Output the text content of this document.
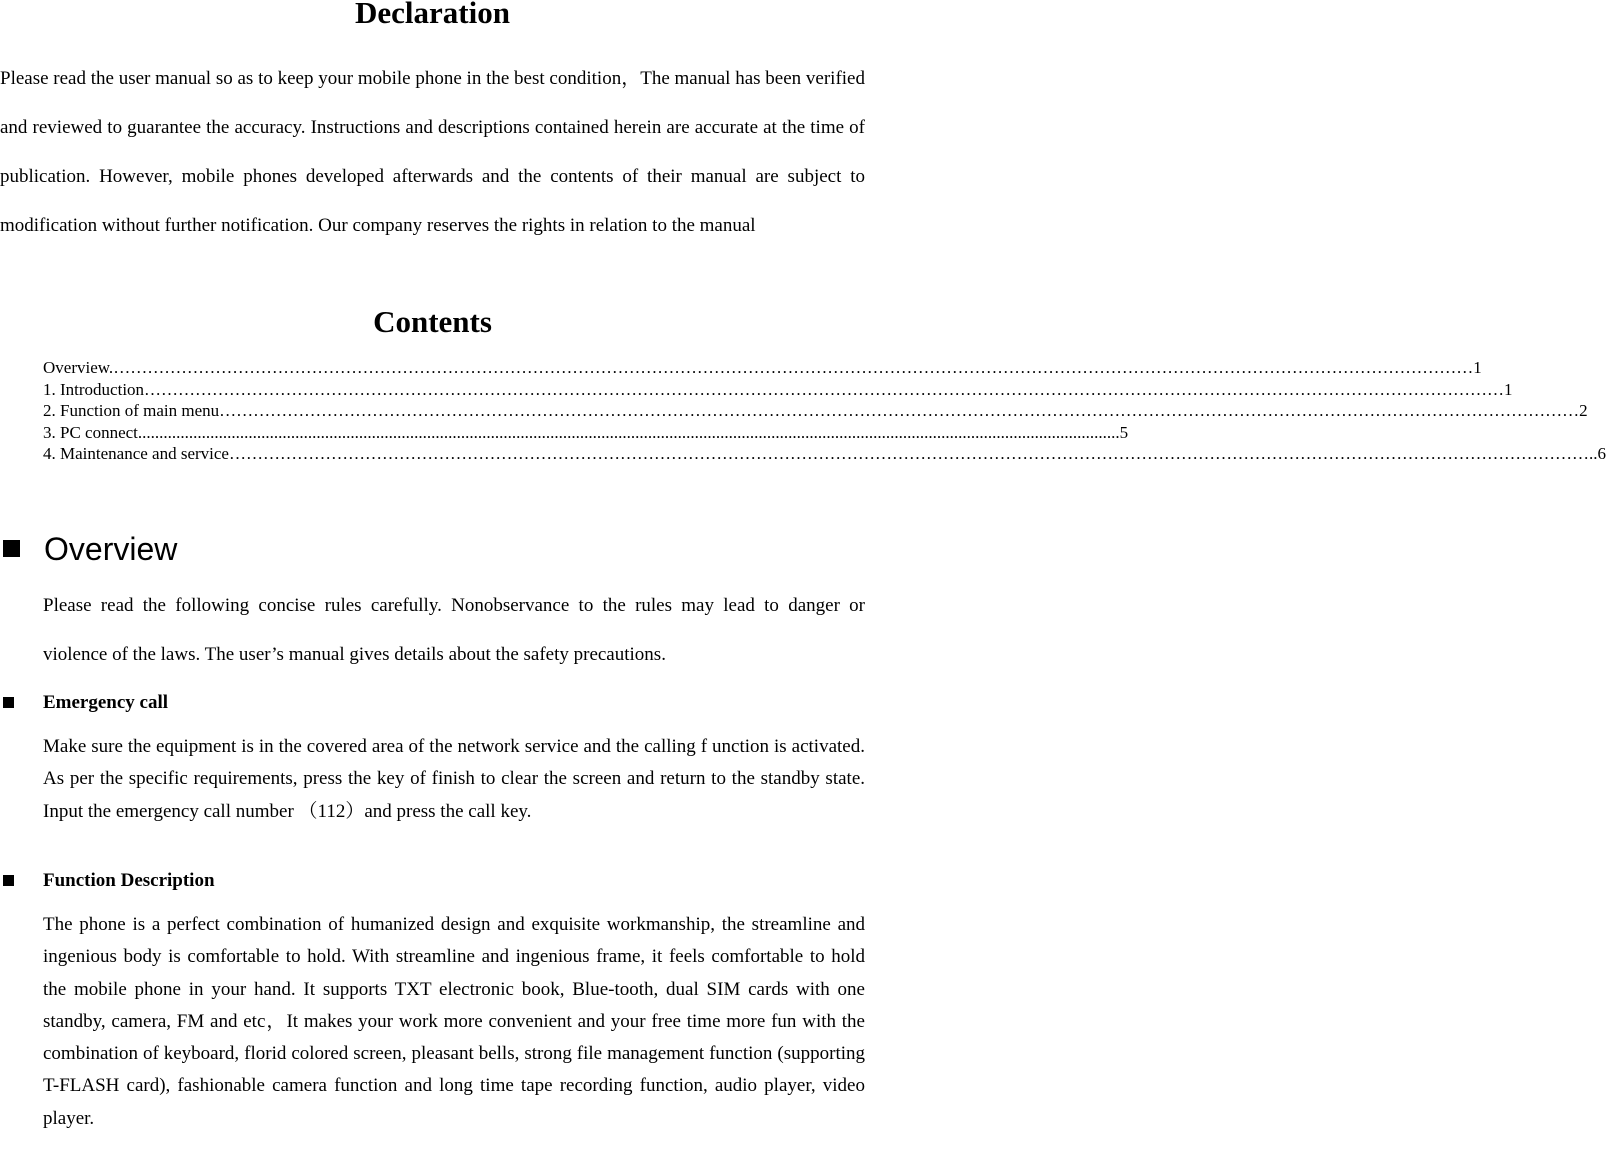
Declaration
Please read the user manual so as to keep your mobile phone in the best condition，The manual has been verified and reviewed to guarantee the accuracy. Instructions and descriptions contained herein are accurate at the time of publication. However, mobile phones developed afterwards and the contents of their manual are subject to modification without further notification. Our company reserves the rights in relation to the manual
Contents
Overview. …………………………………………………………………………………………………………………………………………………………………………………………………………………… 1
1. Introduction …………………………………………………………………………………………………………………………………………………………………………………………………………………… 1
2. Function of main menu …………………………………………………………………………………………………………………………………………………………………………………………………………………… 2
3. PC connect ....................................................................................................................................................................................................................................... 5
4. Maintenance and service …………………………………………………………………………………………………………………………………………………………………………………………………………………… ..6
Overview
Please read the following concise rules carefully. Nonobservance to the rules may lead to danger or violence of the laws. The user’s manual gives details about the safety precautions.
Emergency call
Make sure the equipment is in the covered area of the network service and the calling f unction is activated. As per the specific requirements, press the key of finish to clear the screen and return to the standby state. Input the emergency call number （112）and press the call key.
Function Description
The phone is a perfect combination of humanized design and exquisite workmanship, the streamline and ingenious body is comfortable to hold. With streamline and ingenious frame, it feels comfortable to hold the mobile phone in your hand. It supports TXT electronic book, Blue-tooth, dual SIM cards with one standby, camera, FM and etc，It makes your work more convenient and your free time more fun with the combination of keyboard, florid colored screen, pleasant bells, strong file management function (supporting T-FLASH card), fashionable camera function and long time tape recording function, audio player, video player.
